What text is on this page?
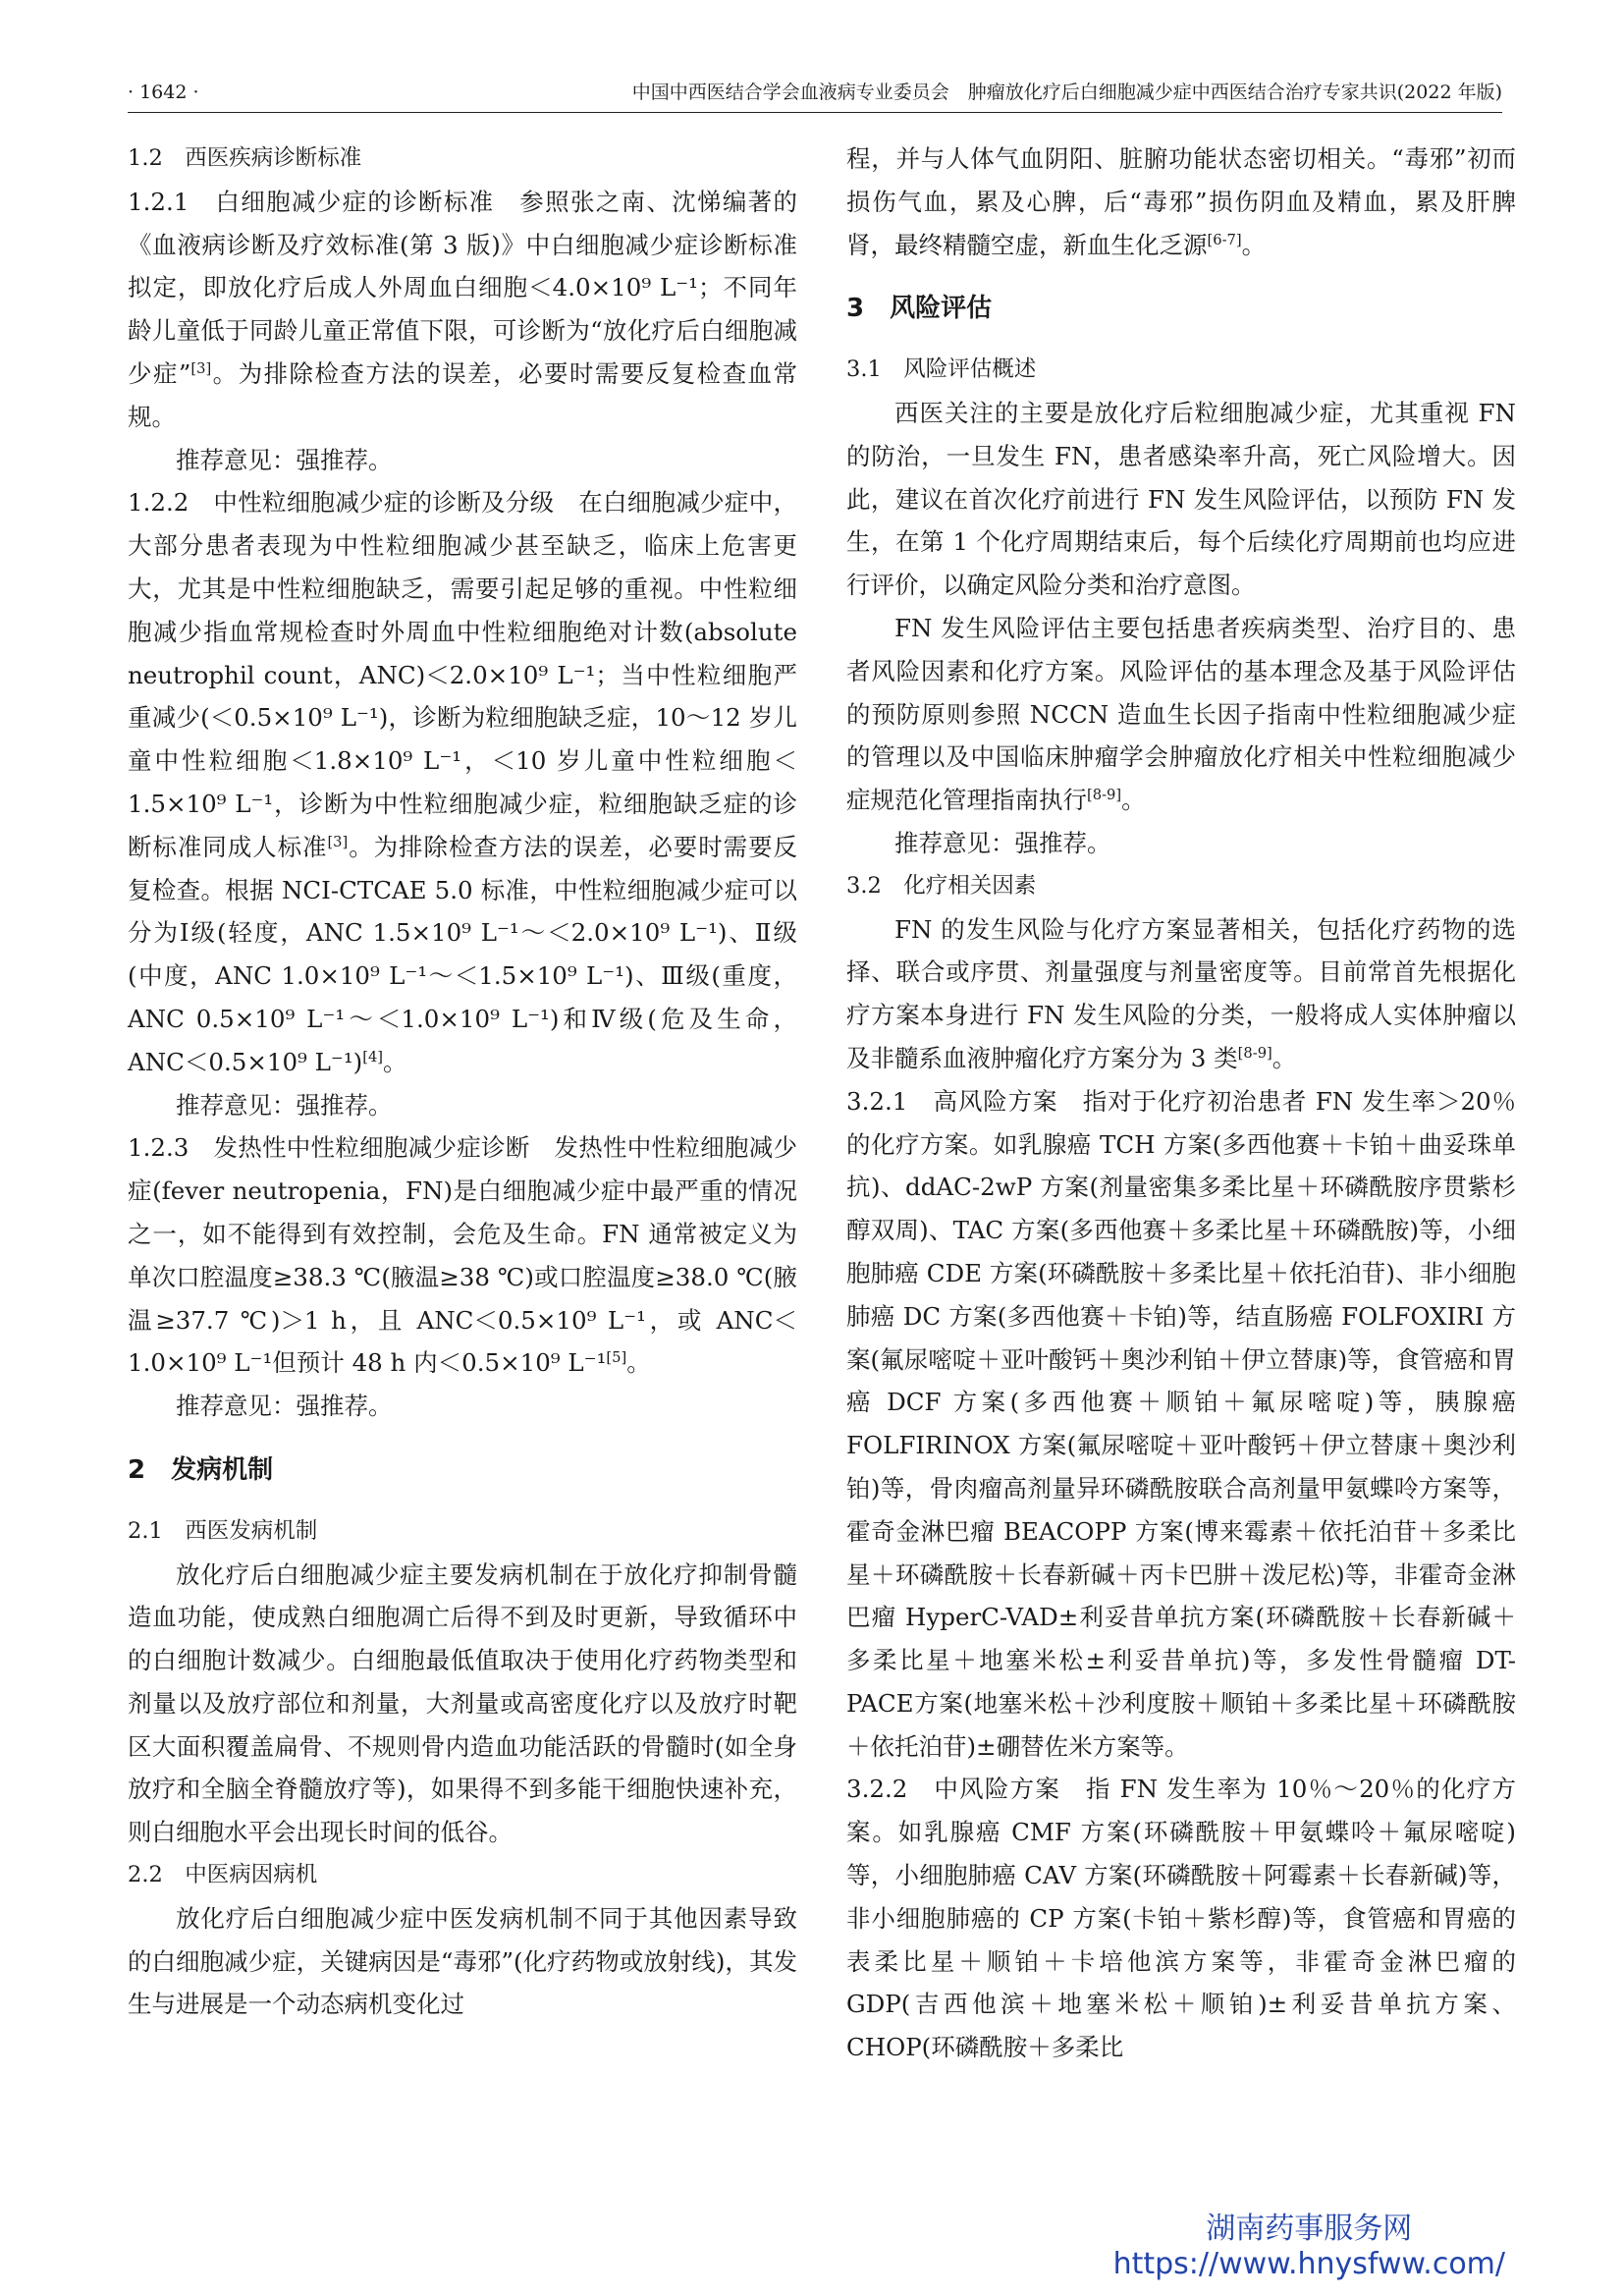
· 1642 ·	中国中西医结合学会血液病专业委员会　肿瘤放化疗后白细胞减少症中西医结合治疗专家共识(2022 年版)
1.2　西医疾病诊断标准

1.2.1　白细胞减少症的诊断标准　参照张之南、沈悌编著的《血液病诊断及疗效标准(第 3 版)》中白细胞减少症诊断标准拟定，即放化疗后成人外周血白细胞＜4.0×10⁹ L⁻¹；不同年龄儿童低于同龄儿童正常值下限，可诊断为“放化疗后白细胞减少症”[3]。为排除检查方法的误差，必要时需要反复检查血常规。

推荐意见：强推荐。

1.2.2　中性粒细胞减少症的诊断及分级　在白细胞减少症中，大部分患者表现为中性粒细胞减少甚至缺乏，临床上危害更大，尤其是中性粒细胞缺乏，需要引起足够的重视。中性粒细胞减少指血常规检查时外周血中性粒细胞绝对计数(absolute neutrophil count，ANC)＜2.0×10⁹ L⁻¹；当中性粒细胞严重减少(＜0.5×10⁹ L⁻¹)，诊断为粒细胞缺乏症，10～12 岁儿童中性粒细胞＜1.8×10⁹ L⁻¹，＜10 岁儿童中性粒细胞＜1.5×10⁹ L⁻¹，诊断为中性粒细胞减少症，粒细胞缺乏症的诊断标准同成人标准[3]。为排除检查方法的误差，必要时需要反复检查。根据 NCI-CTCAE 5.0 标准，中性粒细胞减少症可以分为Ⅰ级(轻度，ANC 1.5×10⁹ L⁻¹～＜2.0×10⁹ L⁻¹)、Ⅱ级(中度，ANC 1.0×10⁹ L⁻¹～＜1.5×10⁹ L⁻¹)、Ⅲ级(重度，ANC 0.5×10⁹ L⁻¹～＜1.0×10⁹ L⁻¹)和Ⅳ级(危及生命，ANC＜0.5×10⁹ L⁻¹)[4]。

推荐意见：强推荐。

1.2.3　发热性中性粒细胞减少症诊断　发热性中性粒细胞减少症(fever neutropenia，FN)是白细胞减少症中最严重的情况之一，如不能得到有效控制，会危及生命。FN 通常被定义为单次口腔温度≥38.3 ℃(腋温≥38 ℃)或口腔温度≥38.0 ℃(腋温≥37.7 ℃)＞1 h，且 ANC＜0.5×10⁹ L⁻¹，或 ANC＜1.0×10⁹ L⁻¹但预计 48 h 内＜0.5×10⁹ L⁻¹[5]。

推荐意见：强推荐。

2　发病机制
2.1　西医发病机制

放化疗后白细胞减少症主要发病机制在于放化疗抑制骨髓造血功能，使成熟白细胞凋亡后得不到及时更新，导致循环中的白细胞计数减少。白细胞最低值取决于使用化疗药物类型和剂量以及放疗部位和剂量，大剂量或高密度化疗以及放疗时靶区大面积覆盖扁骨、不规则骨内造血功能活跃的骨髓时(如全身放疗和全脑全脊髓放疗等)，如果得不到多能干细胞快速补充，则白细胞水平会出现长时间的低谷。

2.2　中医病因病机

放化疗后白细胞减少症中医发病机制不同于其他因素导致的白细胞减少症，关键病因是“毒邪”(化疗药物或放射线)，其发生与进展是一个动态病机变化过

程，并与人体气血阴阳、脏腑功能状态密切相关。“毒邪”初而损伤气血，累及心脾，后“毒邪”损伤阴血及精血，累及肝脾肾，最终精髓空虚，新血生化乏源[6-7]。

3　风险评估
3.1　风险评估概述

西医关注的主要是放化疗后粒细胞减少症，尤其重视 FN 的防治，一旦发生 FN，患者感染率升高，死亡风险增大。因此，建议在首次化疗前进行 FN 发生风险评估，以预防 FN 发生，在第 1 个化疗周期结束后，每个后续化疗周期前也均应进行评价，以确定风险分类和治疗意图。

FN 发生风险评估主要包括患者疾病类型、治疗目的、患者风险因素和化疗方案。风险评估的基本理念及基于风险评估的预防原则参照 NCCN 造血生长因子指南中性粒细胞减少症的管理以及中国临床肿瘤学会肿瘤放化疗相关中性粒细胞减少症规范化管理指南执行[8-9]。

推荐意见：强推荐。

3.2　化疗相关因素

FN 的发生风险与化疗方案显著相关，包括化疗药物的选择、联合或序贯、剂量强度与剂量密度等。目前常首先根据化疗方案本身进行 FN 发生风险的分类，一般将成人实体肿瘤以及非髓系血液肿瘤化疗方案分为 3 类[8-9]。

3.2.1　高风险方案　指对于化疗初治患者 FN 发生率＞20％的化疗方案。如乳腺癌 TCH 方案(多西他赛＋卡铂＋曲妥珠单抗)、ddAC-2wP 方案(剂量密集多柔比星＋环磷酰胺序贯紫杉醇双周)、TAC 方案(多西他赛＋多柔比星＋环磷酰胺)等，小细胞肺癌 CDE 方案(环磷酰胺＋多柔比星＋依托泊苷)、非小细胞肺癌 DC 方案(多西他赛＋卡铂)等，结直肠癌 FOLFOXIRI 方案(氟尿嘧啶＋亚叶酸钙＋奥沙利铂＋伊立替康)等，食管癌和胃癌 DCF 方案(多西他赛＋顺铂＋氟尿嘧啶)等，胰腺癌 FOLFIRINOX 方案(氟尿嘧啶＋亚叶酸钙＋伊立替康＋奥沙利铂)等，骨肉瘤高剂量异环磷酰胺联合高剂量甲氨蝶呤方案等，霍奇金淋巴瘤 BEACOPP 方案(博来霉素＋依托泊苷＋多柔比星＋环磷酰胺＋长春新碱＋丙卡巴肼＋泼尼松)等，非霍奇金淋巴瘤 HyperC-VAD±利妥昔单抗方案(环磷酰胺＋长春新碱＋多柔比星＋地塞米松±利妥昔单抗)等，多发性骨髓瘤 DT-PACE方案(地塞米松＋沙利度胺＋顺铂＋多柔比星＋环磷酰胺＋依托泊苷)±硼替佐米方案等。

3.2.2　中风险方案　指 FN 发生率为 10％～20％的化疗方案。如乳腺癌 CMF 方案(环磷酰胺＋甲氨蝶呤＋氟尿嘧啶)等，小细胞肺癌 CAV 方案(环磷酰胺＋阿霉素＋长春新碱)等，非小细胞肺癌的 CP 方案(卡铂＋紫杉醇)等，食管癌和胃癌的表柔比星＋顺铂＋卡培他滨方案等，非霍奇金淋巴瘤的 GDP(吉西他滨＋地塞米松＋顺铂)±利妥昔单抗方案、CHOP(环磷酰胺＋多柔比

湖南药事服务网
https://www.hnysfww.com/
